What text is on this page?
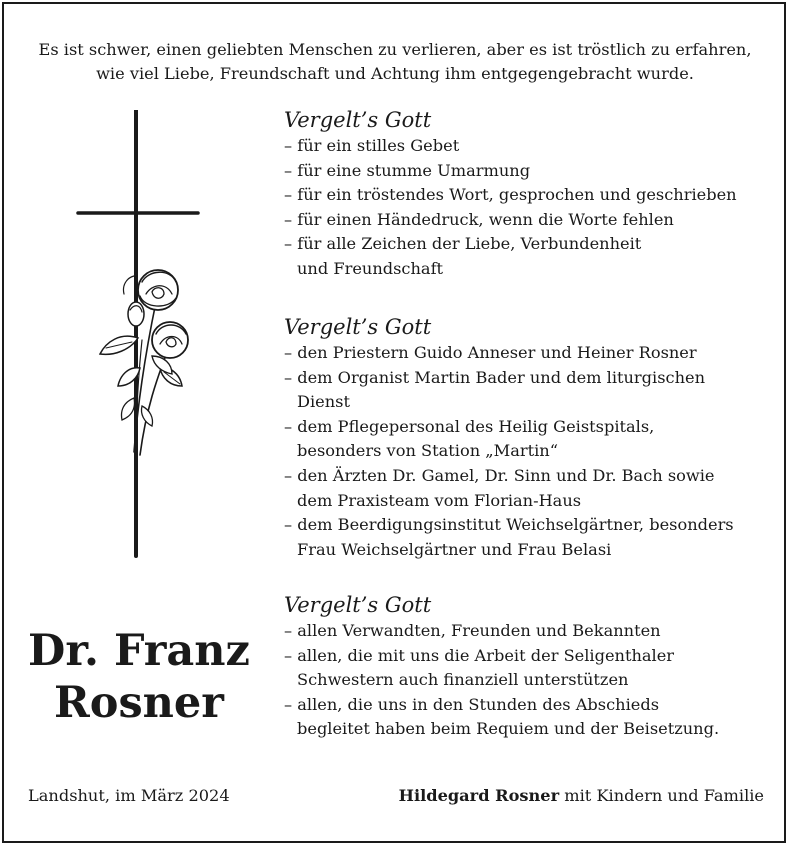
Es ist schwer, einen geliebten Menschen zu verlieren, aber es ist tröstlich zu erfahren,
wie viel Liebe, Freundschaft und Achtung ihm entgegengebracht wurde.
Vergelt’s Gott
– für ein stilles Gebet
– für eine stumme Umarmung
– für ein tröstendes Wort, gesprochen und geschrieben
– für einen Händedruck, wenn die Worte fehlen
– für alle Zeichen der Liebe, Verbundenheit
und Freundschaft
Vergelt’s Gott
– den Priestern Guido Anneser und Heiner Rosner
– dem Organist Martin Bader und dem liturgischen
Dienst
– dem Pflegepersonal des Heilig Geistspitals,
besonders von Station „Martin“
– den Ärzten Dr. Gamel, Dr. Sinn und Dr. Bach sowie
dem Praxisteam vom Florian-Haus
– dem Beerdigungsinstitut Weichselgärtner, besonders
Frau Weichselgärtner und Frau Belasi
Vergelt’s Gott
– allen Verwandten, Freunden und Bekannten
– allen, die mit uns die Arbeit der Seligenthaler
Schwestern auch finanziell unterstützen
– allen, die uns in den Stunden des Abschieds
begleitet haben beim Requiem und der Beisetzung.
Dr. Franz
Rosner
Landshut, im März 2024	Hildegard Rosner mit Kindern und Familie
